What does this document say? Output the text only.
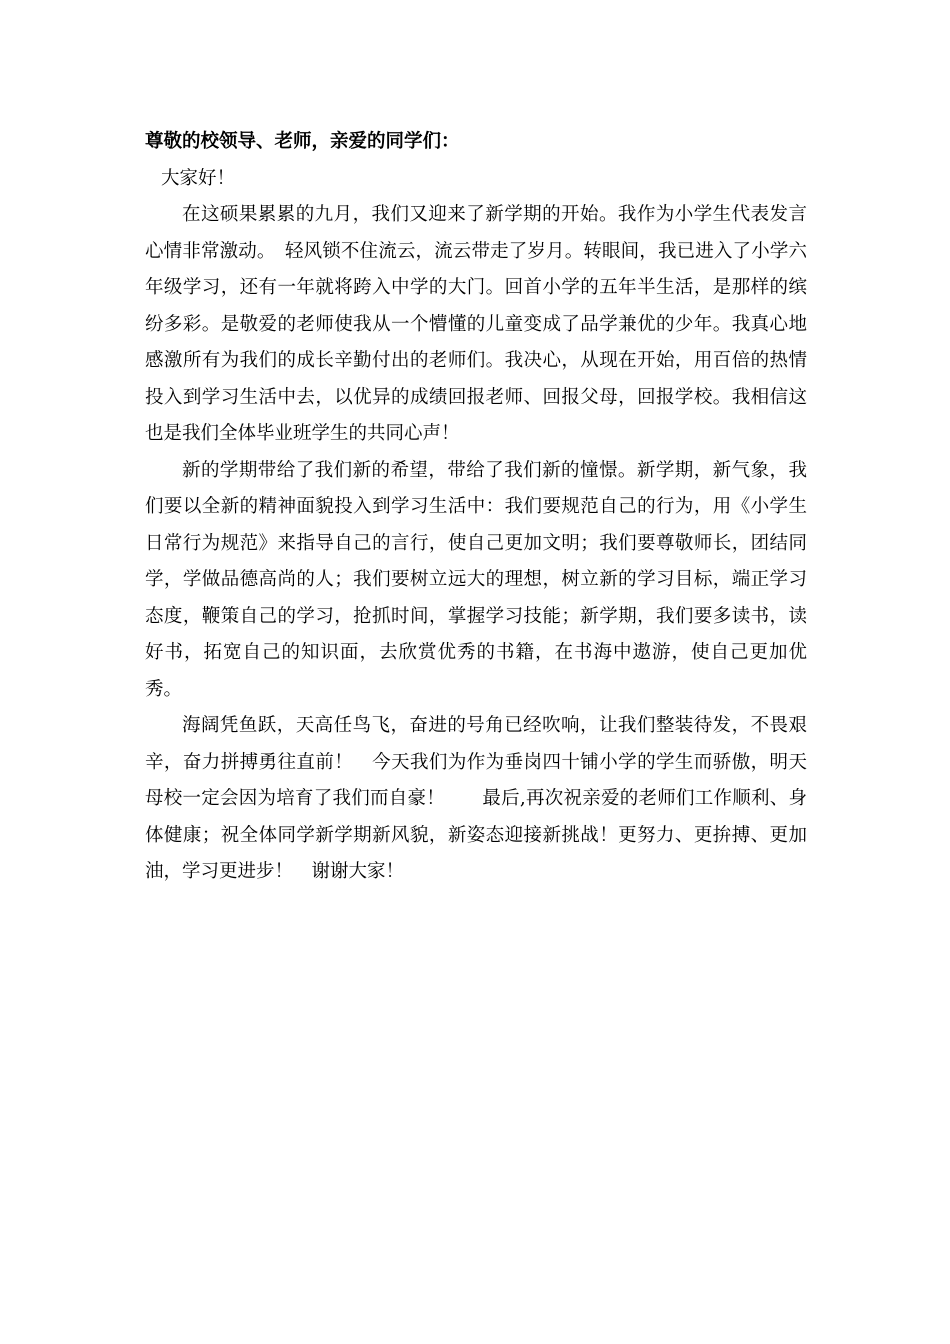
尊敬的校领导、老师，亲爱的同学们：

大家好！

在这硕果累累的九月，我们又迎来了新学期的开始。我作为小学生代表发言心情非常激动。　轻风锁不住流云，流云带走了岁月。转眼间，我已进入了小学六年级学习，还有一年就将跨入中学的大门。回首小学的五年半生活，是那样的缤纷多彩。是敬爱的老师使我从一个懵懂的儿童变成了品学兼优的少年。我真心地感激所有为我们的成长辛勤付出的老师们。我决心，从现在开始，用百倍的热情投入到学习生活中去，以优异的成绩回报老师、回报父母，回报学校。我相信这也是我们全体毕业班学生的共同心声！

新的学期带给了我们新的希望，带给了我们新的憧憬。新学期，新气象，我们要以全新的精神面貌投入到学习生活中：我们要规范自己的行为，用《小学生日常行为规范》来指导自己的言行，使自己更加文明；我们要尊敬师长，团结同学，学做品德高尚的人；我们要树立远大的理想，树立新的学习目标，端正学习态度，鞭策自己的学习，抢抓时间，掌握学习技能；新学期，我们要多读书，读好书，拓宽自己的知识面，去欣赏优秀的书籍，在书海中遨游，使自己更加优秀。

海阔凭鱼跃，天高任鸟飞，奋进的号角已经吹响，让我们整装待发，不畏艰辛，奋力拼搏勇往直前！　今天我们为作为垂岗四十铺小学的学生而骄傲，明天母校一定会因为培育了我们而自豪！　　最后,再次祝亲爱的老师们工作顺利、身体健康；祝全体同学新学期新风貌，新姿态迎接新挑战！更努力、更拚搏、更加油，学习更进步！　谢谢大家！
